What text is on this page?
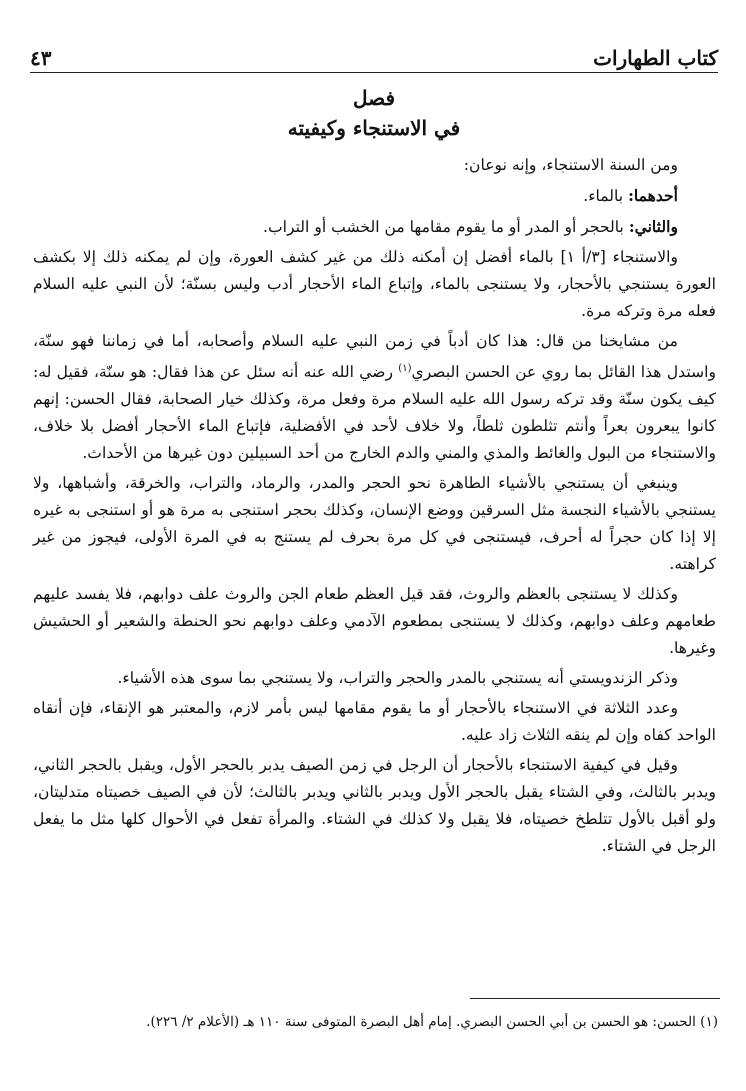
كتاب الطهارات
٤٣
فصل
في الاستنجاء وكيفيته

ومن السنة الاستنجاء، وإنه نوعان:

أحدهما: بالماء.

والثاني: بالحجر أو المدر أو ما يقوم مقامها من الخشب أو التراب.

والاستنجاء [٣/أ ١] بالماء أفضل إن أمكنه ذلك من غير كشف العورة، وإن لم يمكنه ذلك إلا بكشف العورة يستنجي بالأحجار، ولا يستنجى بالماء، وإتباع الماء الأحجار أدب وليس بسنّة؛ لأن النبي عليه السلام فعله مرة وتركه مرة.

من مشايخنا من قال: هذا كان أدباً في زمن النبي عليه السلام وأصحابه، أما في زماننا فهو سنّة، واستدل هذا القائل بما روي عن الحسن البصري$^{(١)}$ رضي الله عنه أنه سئل عن هذا فقال: هو سنّة، فقيل له: كيف يكون سنّة وقد تركه رسول الله عليه السلام مرة وفعل مرة، وكذلك خيار الصحابة، فقال الحسن: إنهم كانوا يبعرون بعراً وأنتم تثلطون ثلطاً، ولا خلاف لأحد في الأفضلية، فإتباع الماء الأحجار أفضل بلا خلاف، والاستنجاء من البول والغائط والمذي والمني والدم الخارج من أحد السبيلين دون غيرها من الأحداث.

وينبغي أن يستنجي بالأشياء الطاهرة نحو الحجر والمدر، والرماد، والتراب، والخرقة، وأشباهها، ولا يستنجي بالأشياء النجسة مثل السرقين ووضع الإنسان، وكذلك بحجر استنجى به مرة هو أو استنجى به غيره إلا إذا كان حجراً له أحرف، فيستنجى في كل مرة بحرف لم يستنج به في المرة الأولى، فيجوز من غير كراهته.

وكذلك لا يستنجى بالعظم والروث، فقد قيل العظم طعام الجن والروث علف دوابهم، فلا يفسد عليهم طعامهم وعلف دوابهم، وكذلك لا يستنجى بمطعوم الآدمي وعلف دوابهم نحو الحنطة والشعير أو الحشيش وغيرها.

وذكر الزندويستي أنه يستنجي بالمدر والحجر والتراب، ولا يستنجي بما سوى هذه الأشياء.

وعدد الثلاثة في الاستنجاء بالأحجار أو ما يقوم مقامها ليس بأمر لازم، والمعتبر هو الإنقاء، فإن أنقاه الواحد كفاه وإن لم ينقه الثلاث زاد عليه.

وقيل في كيفية الاستنجاء بالأحجار أن الرجل في زمن الصيف يدبر بالحجر الأول، ويقبل بالحجر الثاني، ويدبر بالثالث، وفي الشتاء يقبل بالحجر الأول ويدبر بالثاني ويدبر بالثالث؛ لأن في الصيف خصيتاه متدليتان، ولو أقبل بالأول تتلطخ خصيتاه، فلا يقبل ولا كذلك في الشتاء. والمرأة تفعل في الأحوال كلها مثل ما يفعل الرجل في الشتاء.

(١) الحسن: هو الحسن بن أبي الحسن البصري. إمام أهل البصرة المتوفى سنة ١١٠ هـ (الأعلام ٢/ ٢٢٦).
